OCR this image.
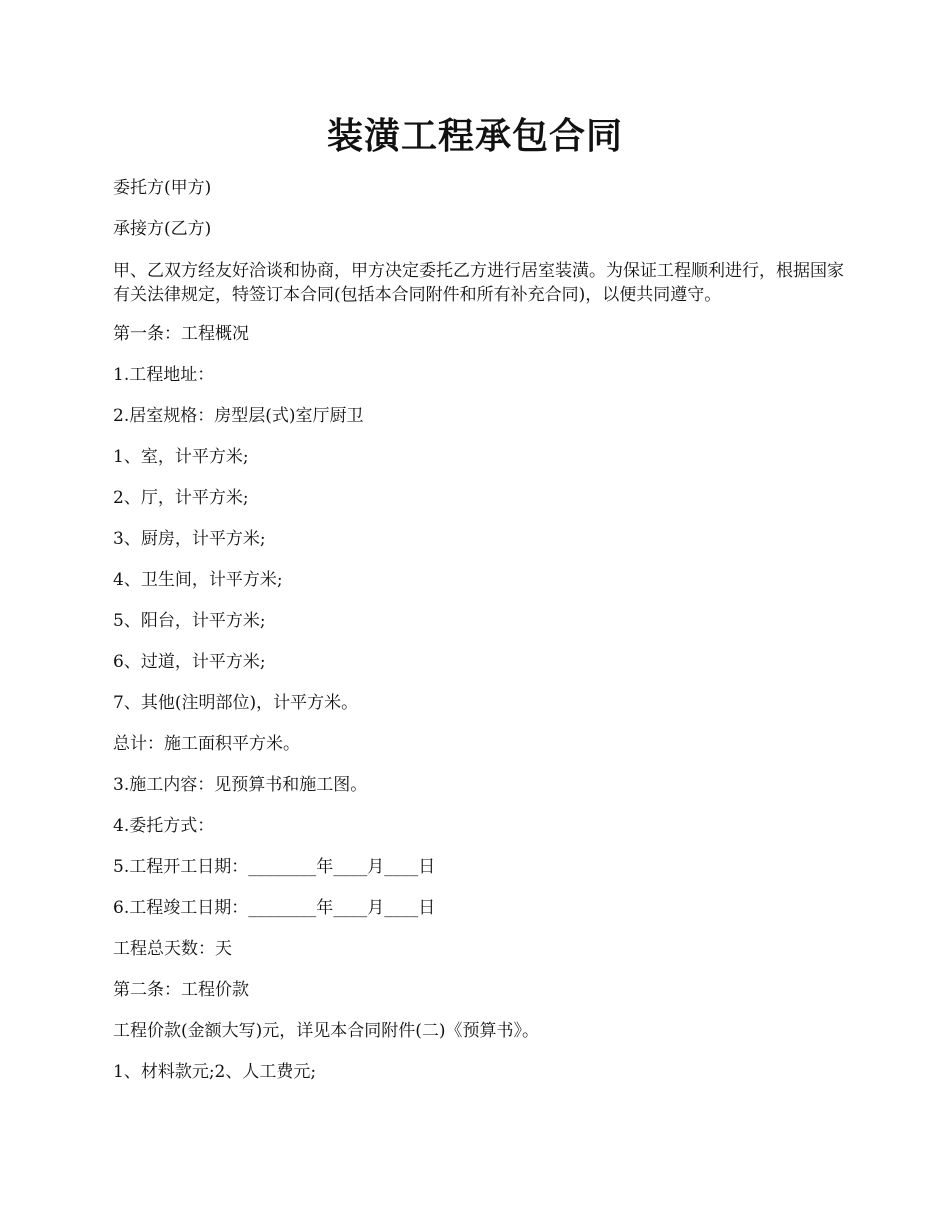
装潢工程承包合同

委托方(甲方)

承接方(乙方)

甲、乙双方经友好洽谈和协商，甲方决定委托乙方进行居室装潢。为保证工程顺利进行，根据国家有关法律规定，特签订本合同(包括本合同附件和所有补充合同)，以便共同遵守。

第一条：工程概况

1.工程地址：

2.居室规格：房型层(式)室厅厨卫

1、室，计平方米;

2、厅，计平方米;

3、厨房，计平方米;

4、卫生间，计平方米;

5、阳台，计平方米;

6、过道，计平方米;

7、其他(注明部位)，计平方米。

总计：施工面积平方米。

3.施工内容：见预算书和施工图。

4.委托方式：

5.工程开工日期：________年____月____日

6.工程竣工日期：________年____月____日

工程总天数：天

第二条：工程价款

工程价款(金额大写)元，详见本合同附件(二)《预算书》。

1、材料款元;2、人工费元;
